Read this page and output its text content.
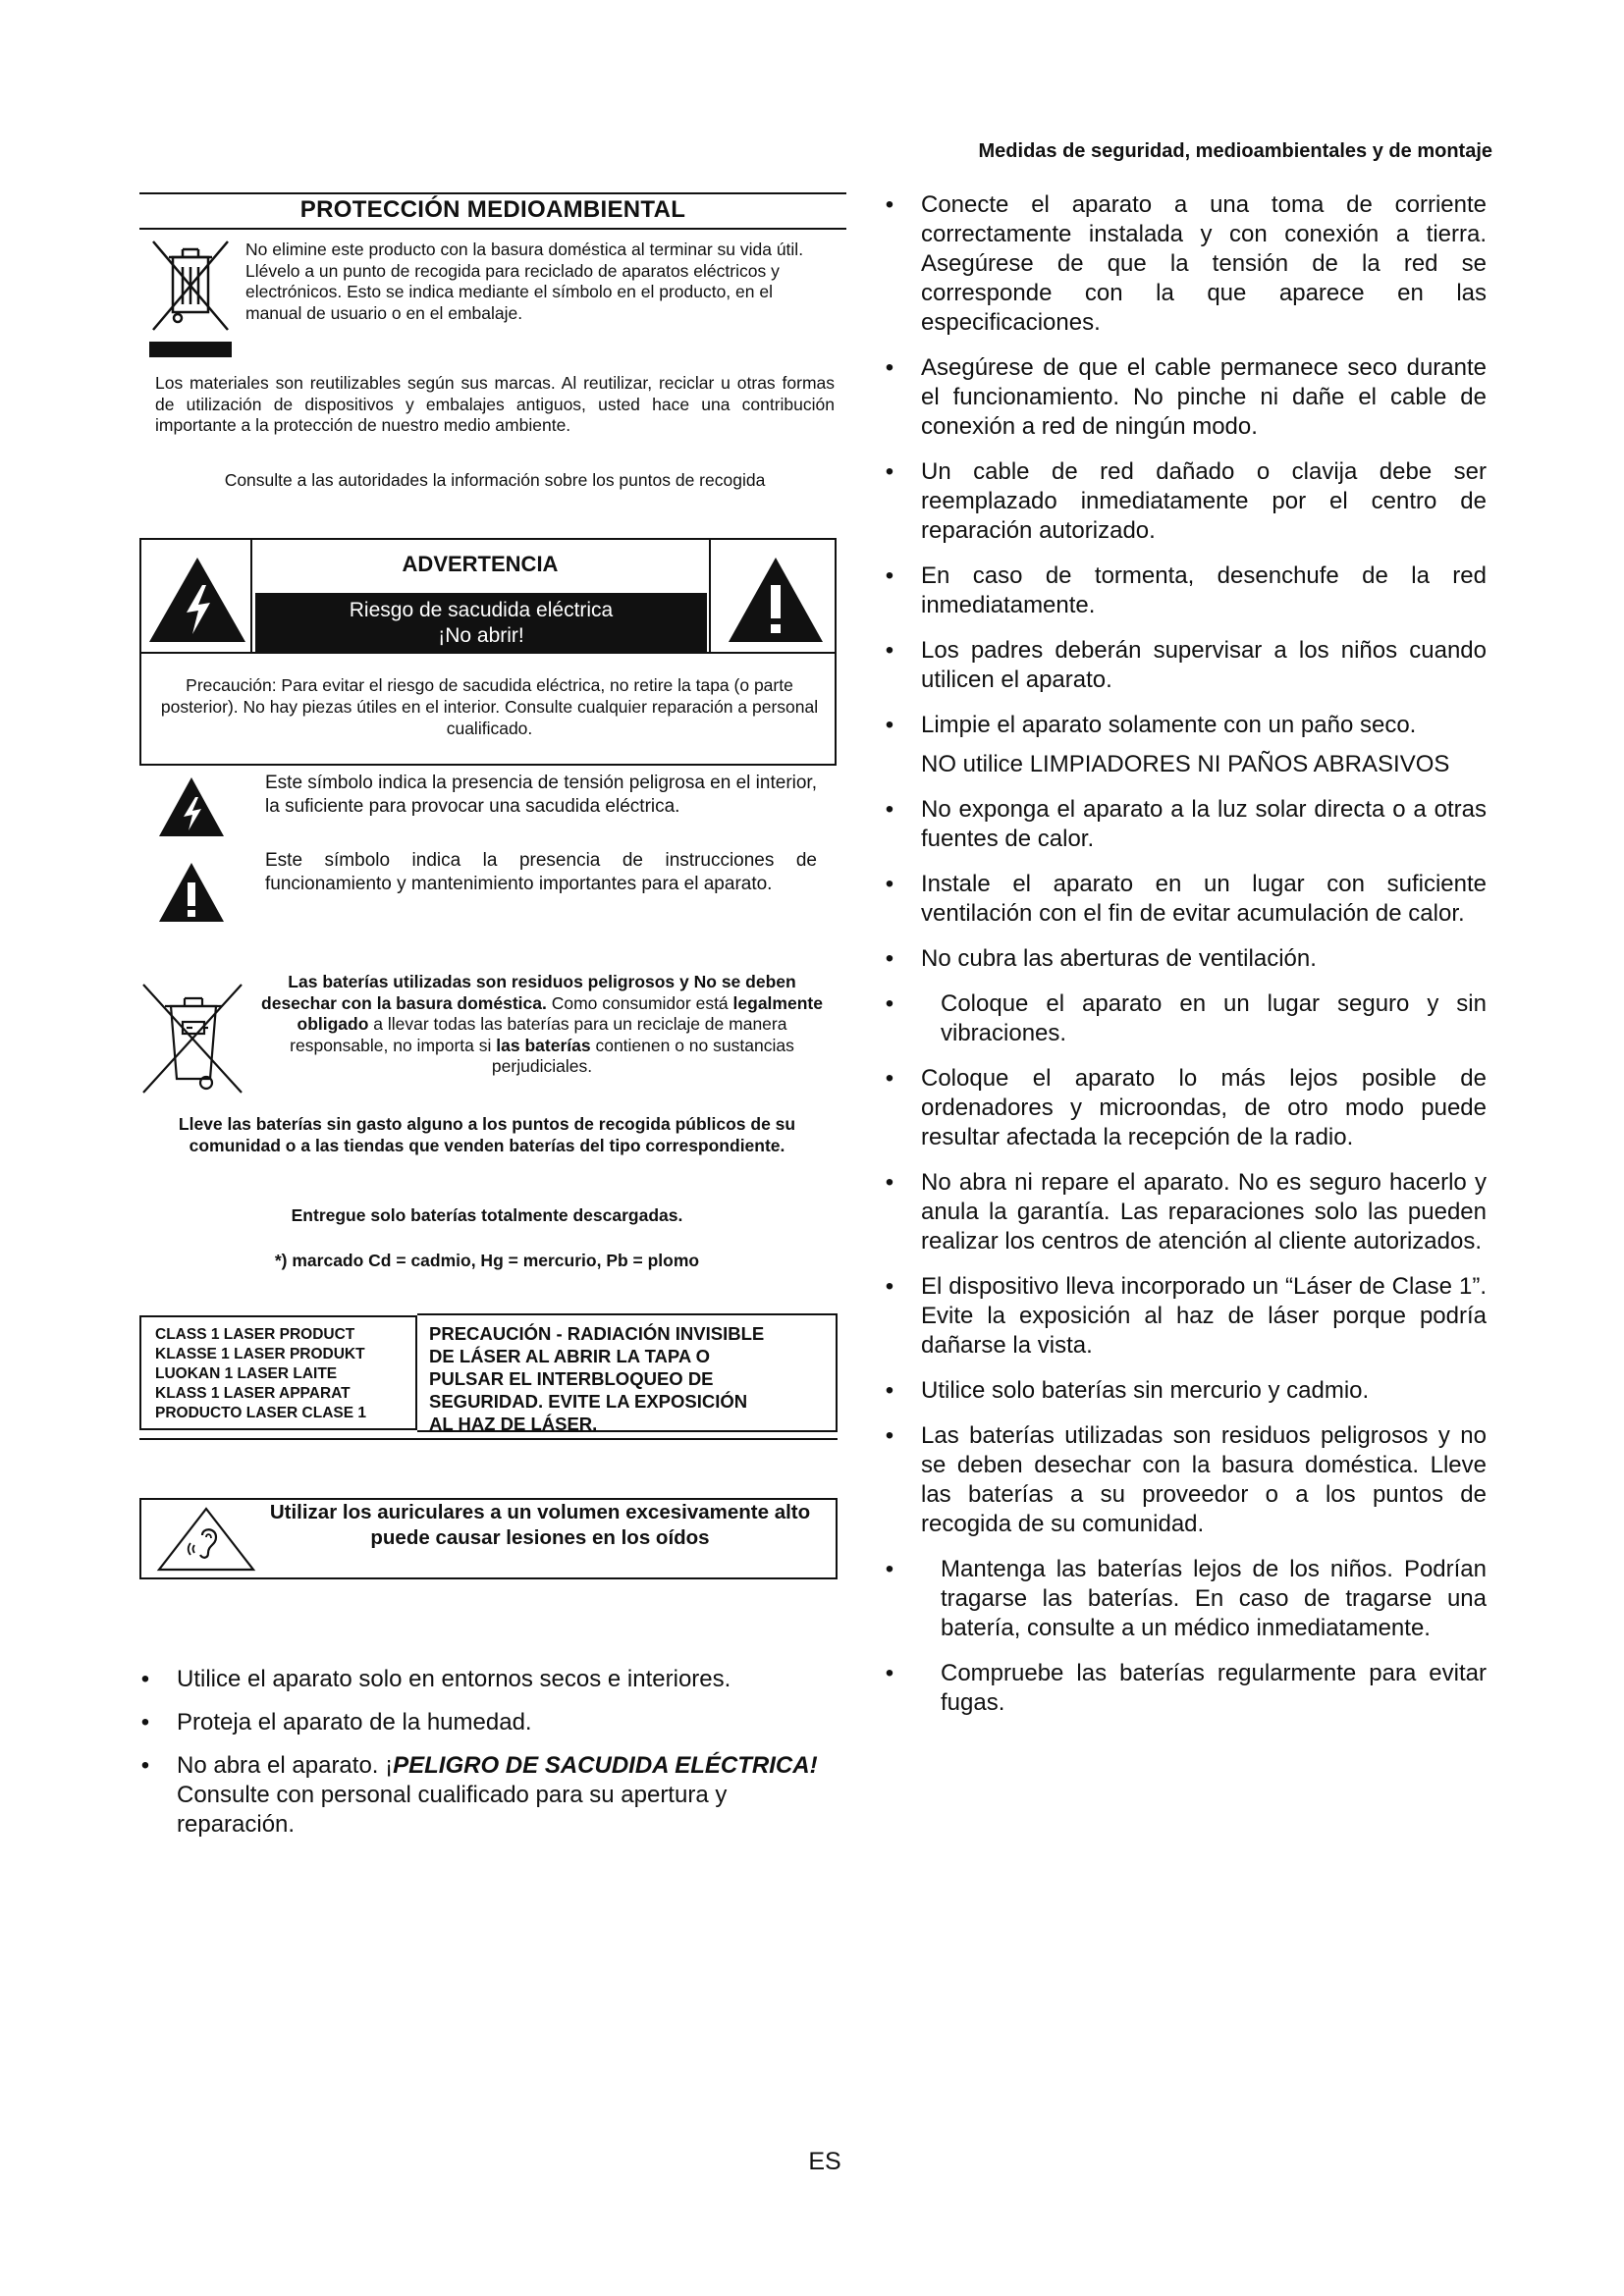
Medidas de seguridad, medioambientales y de montaje
PROTECCIÓN MEDIOAMBIENTAL
No elimine este producto con la basura doméstica al terminar su vida útil. Llévelo a un punto de recogida para reciclado de aparatos eléctricos y electrónicos. Esto se indica mediante el símbolo en el producto, en el manual de usuario o en el embalaje.
Los materiales son reutilizables según sus marcas. Al reutilizar, reciclar u otras formas de utilización de dispositivos y embalajes antiguos, usted hace una contribución importante a la protección de nuestro medio ambiente.
Consulte a las autoridades la información sobre los puntos de recogida
ADVERTENCIA
Riesgo de sacudida eléctrica
¡No abrir!
Precaución: Para evitar el riesgo de sacudida eléctrica, no retire la tapa (o parte posterior). No hay piezas útiles en el interior. Consulte cualquier reparación a personal cualificado.
Este símbolo indica la presencia de tensión peligrosa en el interior, la suficiente para provocar una sacudida eléctrica.
Este símbolo indica la presencia de instrucciones de funcionamiento y mantenimiento importantes para el aparato.
Las baterías utilizadas son residuos peligrosos y No se deben desechar con la basura doméstica. Como consumidor está legalmente obligado a llevar todas las baterías para un reciclaje de manera responsable, no importa si las baterías contienen o no sustancias perjudiciales.
Lleve las baterías sin gasto alguno a los puntos de recogida públicos de su comunidad o a las tiendas que venden baterías del tipo correspondiente.
Entregue solo baterías totalmente descargadas.
*) marcado Cd = cadmio, Hg = mercurio, Pb = plomo
CLASS 1 LASER PRODUCT
KLASSE 1 LASER PRODUKT
LUOKAN 1 LASER LAITE
KLASS 1 LASER APPARAT
PRODUCTO LASER CLASE 1
PRECAUCIÓN - RADIACIÓN INVISIBLE
DE LÁSER AL ABRIR LA TAPA O
PULSAR EL INTERBLOQUEO DE
SEGURIDAD. EVITE LA EXPOSICIÓN
AL HAZ DE LÁSER.
Utilizar los auriculares a un volumen excesivamente alto puede causar lesiones en los oídos
• Utilice el aparato solo en entornos secos e interiores.
• Proteja el aparato de la humedad.
• No abra el aparato. ¡PELIGRO DE SACUDIDA ELÉCTRICA! Consulte con personal cualificado para su apertura y reparación.
• Conecte el aparato a una toma de corriente correctamente instalada y con conexión a tierra. Asegúrese de que la tensión de la red se corresponde con la que aparece en las especificaciones.
• Asegúrese de que el cable permanece seco durante el funcionamiento. No pinche ni dañe el cable de conexión a red de ningún modo.
• Un cable de red dañado o clavija debe ser reemplazado inmediatamente por el centro de reparación autorizado.
• En caso de tormenta, desenchufe de la red inmediatamente.
• Los padres deberán supervisar a los niños cuando utilicen el aparato.
• Limpie el aparato solamente con un paño seco.
NO utilice LIMPIADORES NI PAÑOS ABRASIVOS
• No exponga el aparato a la luz solar directa o a otras fuentes de calor.
• Instale el aparato en un lugar con suficiente ventilación con el fin de evitar acumulación de calor.
• No cubra las aberturas de ventilación.
•	Coloque el aparato en un lugar seguro y sin vibraciones.
• Coloque el aparato lo más lejos posible de ordenadores y microondas, de otro modo puede resultar afectada la recepción de la radio.
• No abra ni repare el aparato. No es seguro hacerlo y anula la garantía. Las reparaciones solo las pueden realizar los centros de atención al cliente autorizados.
• El dispositivo lleva incorporado un “Láser de Clase 1”. Evite la exposición al haz de láser porque podría dañarse la vista.
• Utilice solo baterías sin mercurio y cadmio.
• Las baterías utilizadas son residuos peligrosos y no se deben desechar con la basura doméstica. Lleve las baterías a su proveedor o a los puntos de recogida de su comunidad.
•	Mantenga las baterías lejos de los niños. Podrían tragarse las baterías. En caso de tragarse una batería, consulte a un médico inmediatamente.
•	Compruebe las baterías regularmente para evitar fugas.
ES
